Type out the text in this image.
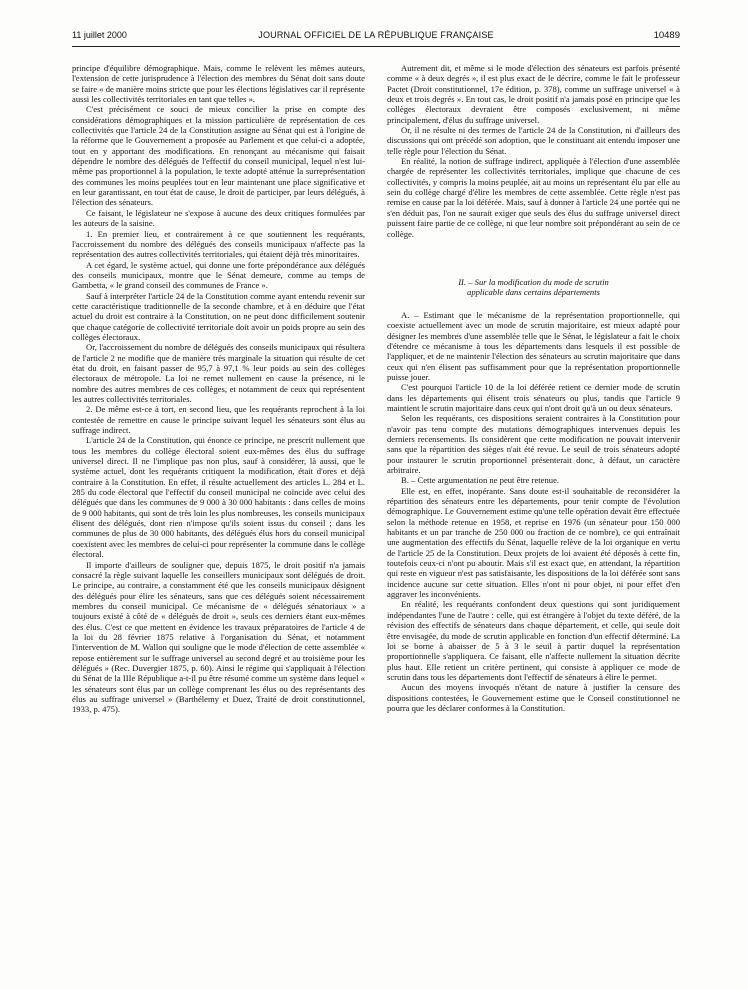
11 juillet 2000	JOURNAL OFFICIEL DE LA RÉPUBLIQUE FRANÇAISE	10489

principe d'équilibre démographique. Mais, comme le relèvent les mêmes auteurs, l'extension de cette jurisprudence à l'élection des membres du Sénat doit sans doute se faire « de manière moins stricte que pour les élections législatives car il représente aussi les collectivités territoriales en tant que telles ».

C'est précisément ce souci de mieux concilier la prise en compte des considérations démographiques et la mission particulière de représentation de ces collectivités que l'article 24 de la Constitution assigne au Sénat qui est à l'origine de la réforme que le Gouvernement a proposée au Parlement et que celui-ci a adoptée, tout en y apportant des modifications. En renonçant au mécanisme qui faisait dépendre le nombre des délégués de l'effectif du conseil municipal, lequel n'est lui-même pas proportionnel à la population, le texte adopté atténue la surreprésentation des communes les moins peuplées tout en leur maintenant une place significative et en leur garantissant, en tout état de cause, le droit de participer, par leurs délégués, à l'élection des sénateurs.

Ce faisant, le législateur ne s'expose à aucune des deux critiques formulées par les auteurs de la saisine.

1. En premier lieu, et contrairement à ce que soutiennent les requérants, l'accroissement du nombre des délégués des conseils municipaux n'affecte pas la représentation des autres collectivités territoriales, qui étaient déjà très minoritaires.

A cet égard, le système actuel, qui donne une forte prépondérance aux délégués des conseils municipaux, montre que le Sénat demeure, comme au temps de Gambetta, « le grand conseil des communes de France ».

Sauf à interpréter l'article 24 de la Constitution comme ayant entendu revenir sur cette caractéristique traditionnelle de la seconde chambre, et à en déduire que l'état actuel du droit est contraire à la Constitution, on ne peut donc difficilement soutenir que chaque catégorie de collectivité territoriale doit avoir un poids propre au sein des collèges électoraux.

Or, l'accroissement du nombre de délégués des conseils municipaux qui résultera de l'article 2 ne modifie que de manière très marginale la situation qui résulte de cet état du droit, en faisant passer de 95,7 à 97,1 % leur poids au sein des collèges électoraux de métropole. La loi ne remet nullement en cause la présence, ni le nombre des autres membres de ces collèges, et notamment de ceux qui représentent les autres collectivités territoriales.

2. De même est-ce à tort, en second lieu, que les requérants reprochent à la loi contestée de remettre en cause le principe suivant lequel les sénateurs sont élus au suffrage indirect.

L'article 24 de la Constitution, qui énonce ce principe, ne prescrit nullement que tous les membres du collège électoral soient eux-mêmes des élus du suffrage universel direct. Il ne l'implique pas non plus, sauf à considérer, là aussi, que le système actuel, dont les requérants critiquent la modification, était d'ores et déjà contraire à la Constitution. En effet, il résulte actuellement des articles L. 284 et L. 285 du code électoral que l'effectif du conseil municipal ne coïncide avec celui des délégués que dans les communes de 9 000 à 30 000 habitants : dans celles de moins de 9 000 habitants, qui sont de très loin les plus nombreuses, les conseils municipaux élisent des délégués, dont rien n'impose qu'ils soient issus du conseil ; dans les communes de plus de 30 000 habitants, des délégués élus hors du conseil municipal coexistent avec les membres de celui-ci pour représenter la commune dans le collège électoral.

Il importe d'ailleurs de souligner que, depuis 1875, le droit positif n'a jamais consacré la règle suivant laquelle les conseillers municipaux sont délégués de droit. Le principe, au contraire, a constamment été que les conseils municipaux désignent des délégués pour élire les sénateurs, sans que ces délégués soient nécessairement membres du conseil municipal. Ce mécanisme de « délégués sénatoriaux » a toujours existé à côté de « délégués de droit », seuls ces derniers étant eux-mêmes des élus. C'est ce que mettent en évidence les travaux préparatoires de l'article 4 de la loi du 28 février 1875 relative à l'organisation du Sénat, et notamment l'intervention de M. Wallon qui souligne que le mode d'élection de cette assemblée « repose entièrement sur le suffrage universel au second degré et au troisième pour les délégués » (Rec. Duvergier 1875, p. 60). Ainsi le régime qui s'appliquait à l'élection du Sénat de la IIIe République a-t-il pu être résumé comme un système dans lequel « les sénateurs sont élus par un collège comprenant les élus ou des représentants des élus au suffrage universel » (Barthélemy et Duez, Traité de droit constitutionnel, 1933, p. 475).

Autrement dit, et même si le mode d'élection des sénateurs est parfois présenté comme « à deux degrés », il est plus exact de le décrire, comme le fait le professeur Pactet (Droit constitutionnel, 17e édition, p. 378), comme un suffrage universel « à deux et trois degrés ». En tout cas, le droit positif n'a jamais posé en principe que les collèges électoraux devraient être composés exclusivement, ni même principalement, d'élus du suffrage universel.

Or, il ne résulte ni des termes de l'article 24 de la Constitution, ni d'ailleurs des discussions qui ont précédé son adoption, que le constituant ait entendu imposer une telle règle pour l'élection du Sénat.

En réalité, la notion de suffrage indirect, appliquée à l'élection d'une assemblée chargée de représenter les collectivités territoriales, implique que chacune de ces collectivités, y compris la moins peuplée, ait au moins un représentant élu par elle au sein du collège chargé d'élire les membres de cette assemblée. Cette règle n'est pas remise en cause par la loi déférée. Mais, sauf à donner à l'article 24 une portée qui ne s'en déduit pas, l'on ne saurait exiger que seuls des élus du suffrage universel direct puissent faire partie de ce collège, ni que leur nombre soit prépondérant au sein de ce collège.

II. – Sur la modification du mode de scrutin
applicable dans certains départements

A. – Estimant que le mécanisme de la représentation proportionnelle, qui coexiste actuellement avec un mode de scrutin majoritaire, est mieux adapté pour désigner les membres d'une assemblée telle que le Sénat, le législateur a fait le choix d'étendre ce mécanisme à tous les départements dans lesquels il est possible de l'appliquer, et de ne maintenir l'élection des sénateurs au scrutin majoritaire que dans ceux qui n'en élisent pas suffisamment pour que la représentation proportionnelle puisse jouer.

C'est pourquoi l'article 10 de la loi déférée retient ce dernier mode de scrutin dans les départements qui élisent trois sénateurs ou plus, tandis que l'article 9 maintient le scrutin majoritaire dans ceux qui n'ont droit qu'à un ou deux sénateurs.

Selon les requérants, ces dispositions seraient contraires à la Constitution pour n'avoir pas tenu compte des mutations démographiques intervenues depuis les derniers recensements. Ils considèrent que cette modification ne pouvait intervenir sans que la répartition des sièges n'ait été revue. Le seuil de trois sénateurs adopté pour instaurer le scrutin proportionnel présenterait donc, à défaut, un caractère arbitraire.

B. – Cette argumentation ne peut être retenue.

Elle est, en effet, inopérante. Sans doute est-il souhaitable de reconsidérer la répartition des sénateurs entre les départements, pour tenir compte de l'évolution démographique. Le Gouvernement estime qu'une telle opération devait être effectuée selon la méthode retenue en 1958, et reprise en 1976 (un sénateur pour 150 000 habitants et un par tranche de 250 000 ou fraction de ce nombre), ce qui entraînait une augmentation des effectifs du Sénat, laquelle relève de la loi organique en vertu de l'article 25 de la Constitution. Deux projets de loi avaient été déposés à cette fin, toutefois ceux-ci n'ont pu aboutir. Mais s'il est exact que, en attendant, la répartition qui reste en vigueur n'est pas satisfaisante, les dispositions de la loi déférée sont sans incidence aucune sur cette situation. Elles n'ont ni pour objet, ni pour effet d'en aggraver les inconvénients.

En réalité, les requérants confondent deux questions qui sont juridiquement indépendantes l'une de l'autre : celle, qui est étrangère à l'objet du texte déféré, de la révision des effectifs de sénateurs dans chaque département, et celle, qui seule doit être envisagée, du mode de scrutin applicable en fonction d'un effectif déterminé. La loi se borne à abaisser de 5 à 3 le seuil à partir duquel la représentation proportionnelle s'appliquera. Ce faisant, elle n'affecte nullement la situation décrite plus haut. Elle retient un critère pertinent, qui consiste à appliquer ce mode de scrutin dans tous les départements dont l'effectif de sénateurs à élire le permet.

Aucun des moyens invoqués n'étant de nature à justifier la censure des dispositions contestées, le Gouvernement estime que le Conseil constitutionnel ne pourra que les déclarer conformes à la Constitution.
